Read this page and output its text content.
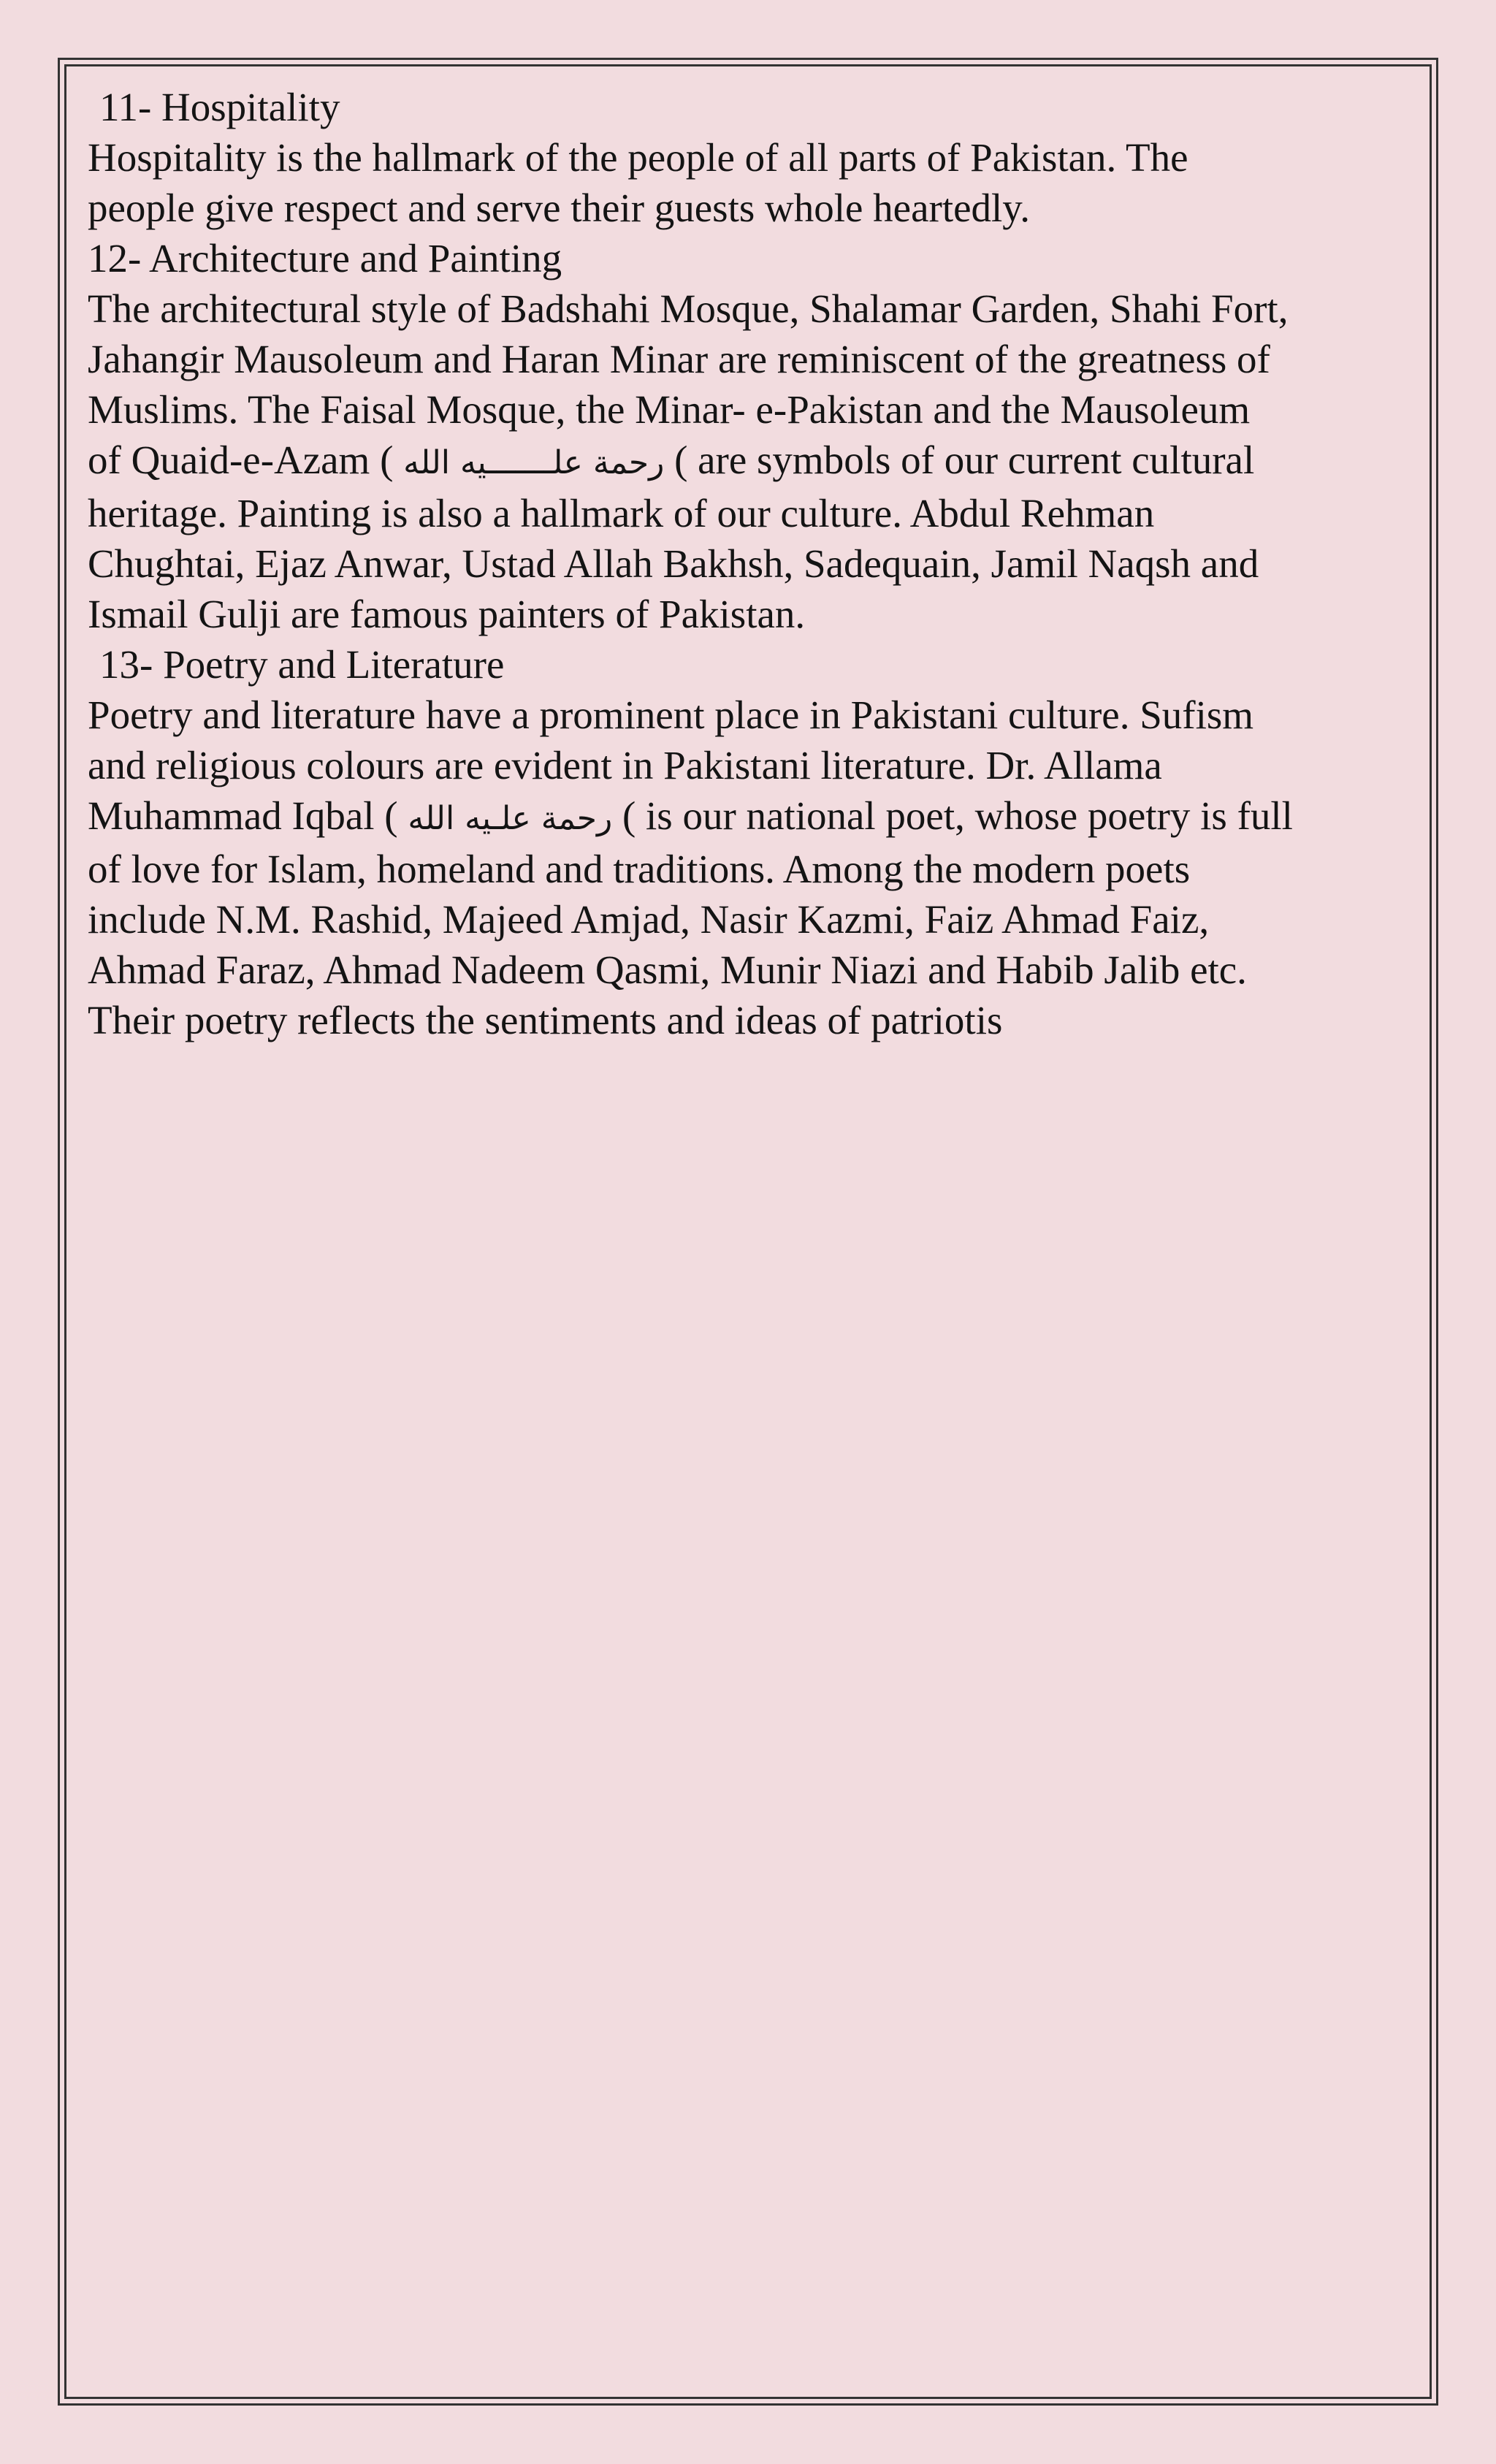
11- Hospitality

Hospitality is the hallmark of the people of all parts of Pakistan. The

people give respect and serve their guests whole heartedly.

12- Architecture and Painting

The architectural style of Badshahi Mosque, Shalamar Garden, Shahi Fort,

Jahangir Mausoleum and Haran Minar are reminiscent of the greatness of

Muslims. The Faisal Mosque, the Minar- e-Pakistan and the Mausoleum

of Quaid-e-Azam ( رحمة علـــــــيه الله ( are symbols of our current cultural

heritage. Painting is also a hallmark of our culture. Abdul Rehman

Chughtai, Ejaz Anwar, Ustad Allah Bakhsh, Sadequain, Jamil Naqsh and

Ismail Gulji are famous painters of Pakistan.

13- Poetry and Literature

Poetry and literature have a prominent place in Pakistani culture. Sufism

and religious colours are evident in Pakistani literature. Dr. Allama

Muhammad Iqbal ( رحمة علـيه الله ( is our national poet, whose poetry is full

of love for Islam, homeland and traditions. Among the modern poets

include N.M. Rashid, Majeed Amjad, Nasir Kazmi, Faiz Ahmad Faiz,

Ahmad Faraz, Ahmad Nadeem Qasmi, Munir Niazi and Habib Jalib etc.

Their poetry reflects the sentiments and ideas of patriotis
